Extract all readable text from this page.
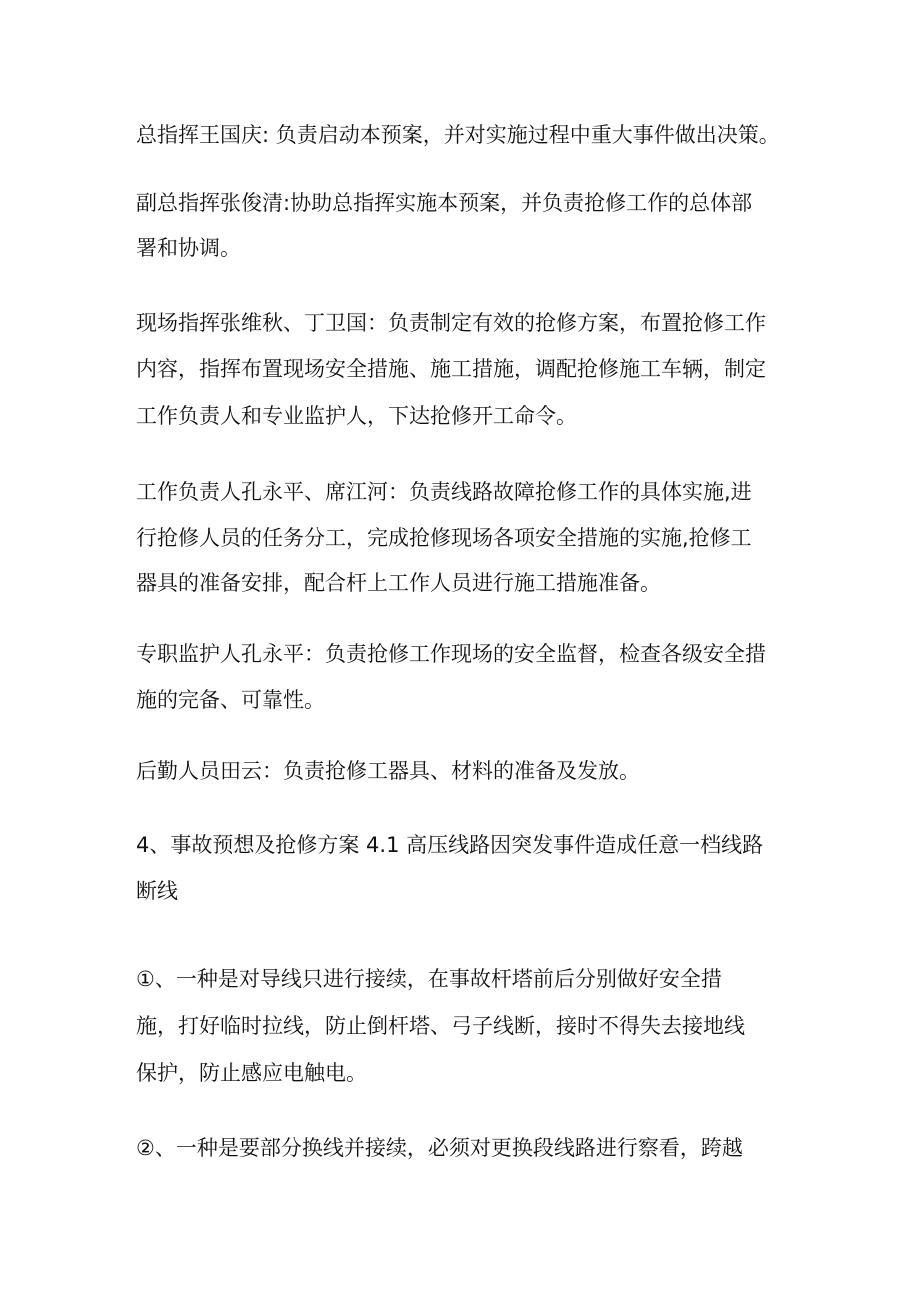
总指挥王国庆: 负责启动本预案，并对实施过程中重大事件做出决策。
副总指挥张俊清:协助总指挥实施本预案，并负责抢修工作的总体部
署和协调。
现场指挥张维秋、丁卫国：负责制定有效的抢修方案，布置抢修工作
内容，指挥布置现场安全措施、施工措施，调配抢修施工车辆，制定
工作负责人和专业监护人，下达抢修开工命令。
工作负责人孔永平、席江河：负责线路故障抢修工作的具体实施,进
行抢修人员的任务分工，完成抢修现场各项安全措施的实施,抢修工
器具的准备安排，配合杆上工作人员进行施工措施准备。
专职监护人孔永平：负责抢修工作现场的安全监督，检查各级安全措
施的完备、可靠性。
后勤人员田云：负责抢修工器具、材料的准备及发放。
4、事故预想及抢修方案 4.1 高压线路因突发事件造成任意一档线路
断线
①、一种是对导线只进行接续，在事故杆塔前后分别做好安全措
施，打好临时拉线，防止倒杆塔、弓子线断，接时不得失去接地线
保护，防止感应电触电。
②、一种是要部分换线并接续，必须对更换段线路进行察看，跨越
